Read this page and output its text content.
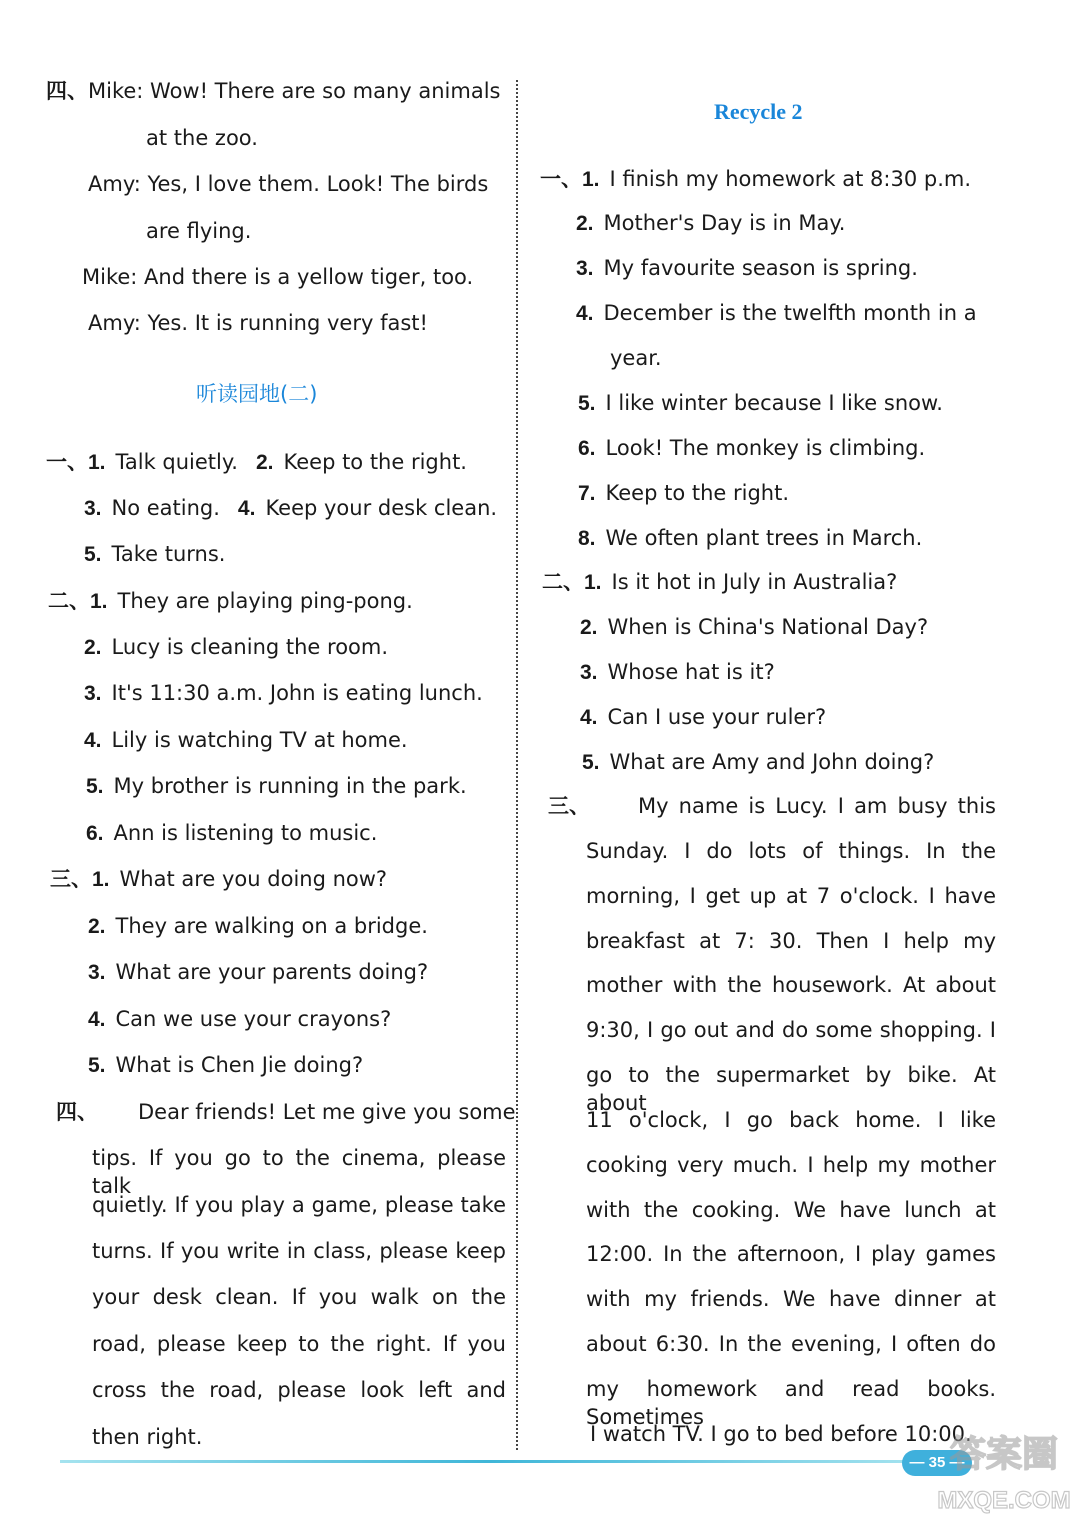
四、Mike: Wow! There are so many animals
at the zoo.
Amy: Yes, I love them. Look! The birds
are flying.
Mike: And there is a yellow tiger, too.
Amy: Yes. It is running very fast!
听读园地(二)
一、1. Talk quietly. 2. Keep to the right.
3. No eating. 4. Keep your desk clean.
5. Take turns.
二、1. They are playing ping-pong.
2. Lucy is cleaning the room.
3. It's 11:30 a.m. John is eating lunch.
4. Lily is watching TV at home.
5. My brother is running in the park.
6. Ann is listening to music.
三、1. What are you doing now?
2. They are walking on a bridge.
3. What are your parents doing?
4. Can we use your crayons?
5. What is Chen Jie doing?
四、 Dear friends! Let me give you some
tips. If you go to the cinema, please talk
quietly. If you play a game, please take
turns. If you write in class, please keep
your desk clean. If you walk on the
road, please keep to the right. If you
cross the road, please look left and
then right.
Recycle 2
一、1. I finish my homework at 8:30 p.m.
2. Mother's Day is in May.
3. My favourite season is spring.
4. December is the twelfth month in a
year.
5. I like winter because I like snow.
6. Look! The monkey is climbing.
7. Keep to the right.
8. We often plant trees in March.
二、1. Is it hot in July in Australia?
2. When is China's National Day?
3. Whose hat is it?
4. Can I use your ruler?
5. What are Amy and John doing?
三、 My name is Lucy. I am busy this
Sunday. I do lots of things. In the
morning, I get up at 7 o'clock. I have
breakfast at 7: 30. Then I help my
mother with the housework. At about
9:30, I go out and do some shopping. I
go to the supermarket by bike. At about
11 o'clock, I go back home. I like
cooking very much. I help my mother
with the cooking. We have lunch at
12:00. In the afternoon, I play games
with my friends. We have dinner at
about 6:30. In the evening, I often do
my homework and read books. Sometimes
I watch TV. I go to bed before 10:00.
— 35 —
答案圈
MXQE.COM
